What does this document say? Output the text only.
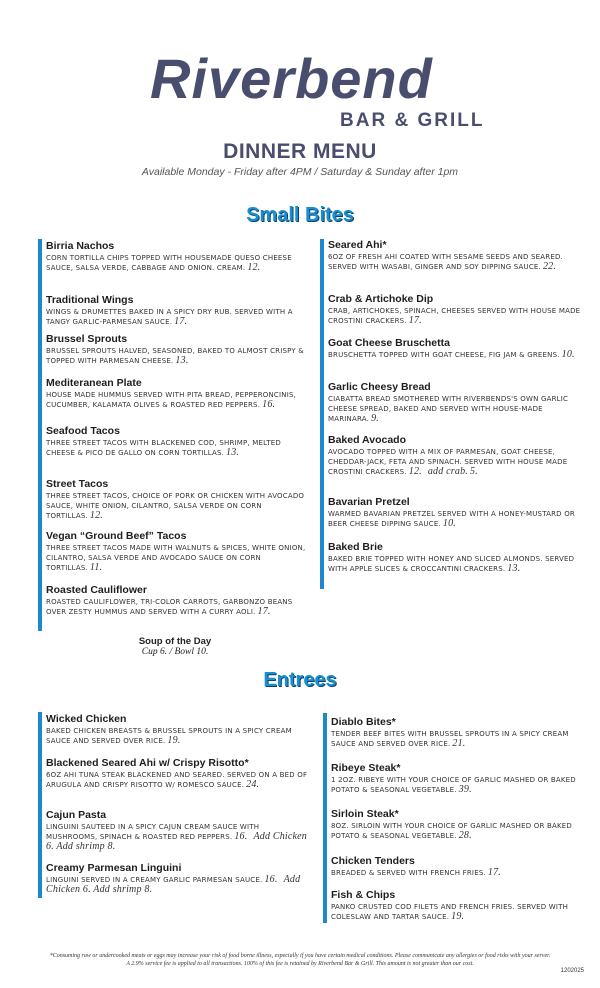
Riverbend
BAR & GRILL
DINNER MENU
Available Monday - Friday after 4PM / Saturday & Sunday after 1pm
Small Bites
Birria Nachos
CORN TORTILLA CHIPS TOPPED WITH HOUSEMADE QUESO CHEESE SAUCE, SALSA VERDE, CABBAGE AND ONION. CREAM. 12.
Traditional Wings
WINGS & DRUMETTES BAKED IN A SPICY DRY RUB. SERVED WITH A TANGY GARLIC-PARMESAN SAUCE. 17.
Brussel Sprouts
BRUSSEL SPROUTS HALVED, SEASONED, BAKED TO ALMOST CRISPY & TOPPED WITH PARMESAN CHEESE. 13.
Mediteranean Plate
HOUSE MADE HUMMUS SERVED WITH PITA BREAD, PEPPERONCINIS, CUCUMBER, KALAMATA OLIVES & ROASTED RED PEPPERS. 16.
Seafood Tacos
THREE STREET TACOS WITH BLACKENED COD, SHRIMP, MELTED CHEESE & PICO DE GALLO ON CORN TORTILLAS. 13.
Street Tacos
THREE STREET TACOS, CHOICE OF PORK OR CHICKEN WITH AVOCADO SAUCE, WHITE ONION, CILANTRO, SALSA VERDE ON CORN TORTILLAS. 12.
Vegan “Ground Beef” Tacos
THREE STREET TACOS MADE WITH WALNUTS & SPICES, WHITE ONION, CILANTRO, SALSA VERDE AND AVOCADO SAUCE ON CORN TORTILLAS. 11.
Roasted Cauliflower
ROASTED CAULIFLOWER, TRI-COLOR CARROTS, GARBONZO BEANS OVER ZESTY HUMMUS AND SERVED WITH A CURRY AOLI. 17.
Seared Ahi*
6OZ OF FRESH AHI COATED WITH SESAME SEEDS AND SEARED. SERVED WITH WASABI, GINGER AND SOY DIPPING SAUCE. 22.
Crab & Artichoke Dip
CRAB, ARTICHOKES, SPINACH, CHEESES SERVED WITH HOUSE MADE CROSTINI CRACKERS. 17.
Goat Cheese Bruschetta
BRUSCHETTA TOPPED WITH GOAT CHEESE, FIG JAM & GREENS. 10.
Garlic Cheesy Bread
CIABATTA BREAD SMOTHERED WITH RIVERBENDS'S OWN GARLIC CHEESE SPREAD, BAKED AND SERVED WITH HOUSE-MADE MARINARA. 9.
Baked Avocado
AVOCADO TOPPED WITH A MIX OF PARMESAN, GOAT CHEESE, CHEDDAR-JACK, FETA AND SPINACH. SERVED WITH HOUSE MADE CROSTINI CRACKERS. 12. add crab. 5.
Bavarian Pretzel
WARMED BAVARIAN PRETZEL SERVED WITH A HONEY-MUSTARD OR BEER CHEESE DIPPING SAUCE. 10.
Baked Brie
BAKED BRIE TOPPED WITH HONEY AND SLICED ALMONDS. SERVED WITH APPLE SLICES & CROCCANTINI CRACKERS. 13.
Soup of the Day
Cup 6. / Bowl 10.
Entrees
Wicked Chicken
BAKED CHICKEN BREASTS & BRUSSEL SPROUTS IN A SPICY CREAM SAUCE AND SERVED OVER RICE. 19.
Blackened Seared Ahi w/ Crispy Risotto*
6OZ AHI TUNA STEAK BLACKENED AND SEARED. SERVED ON A BED OF ARUGULA AND CRISPY RISOTTO W/ ROMESCO SAUCE. 24.
Cajun Pasta
LINGUINI SAUTEED IN A SPICY CAJUN CREAM SAUCE WITH MUSHROOMS, SPINACH & ROASTED RED PEPPERS. 16. Add Chicken 6. Add shrimp 8.
Creamy Parmesan Linguini
LINGUINI SERVED IN A CREAMY GARLIC PARMESAN SAUCE. 16. Add Chicken 6. Add shrimp 8.
Diablo Bites*
TENDER BEEF BITES WITH BRUSSEL SPROUTS IN A SPICY CREAM SAUCE AND SERVED OVER RICE. 21.
Ribeye Steak*
1 2OZ. RIBEYE WITH YOUR CHOICE OF GARLIC MASHED OR BAKED POTATO & SEASONAL VEGETABLE. 39.
Sirloin Steak*
8OZ. SIRLOIN WITH YOUR CHOICE OF GARLIC MASHED OR BAKED POTATO & SEASONAL VEGETABLE. 28.
Chicken Tenders
BREADED & SERVED WITH FRENCH FRIES. 17.
Fish & Chips
PANKO CRUSTED COD FILETS AND FRENCH FRIES. SERVED WITH COLESLAW AND TARTAR SAUCE. 19.
*Consuming raw or undercooked meats or eggs may increase your risk of food borne illness, especially if you have certain medical conditions. Please communicate any allergies or food risks with your server.
A 2.9% service fee is applied to all transactions. 100% of this fee is retained by Riverbend Bar & Grill. This amount is not greater than our cost.
1202025
